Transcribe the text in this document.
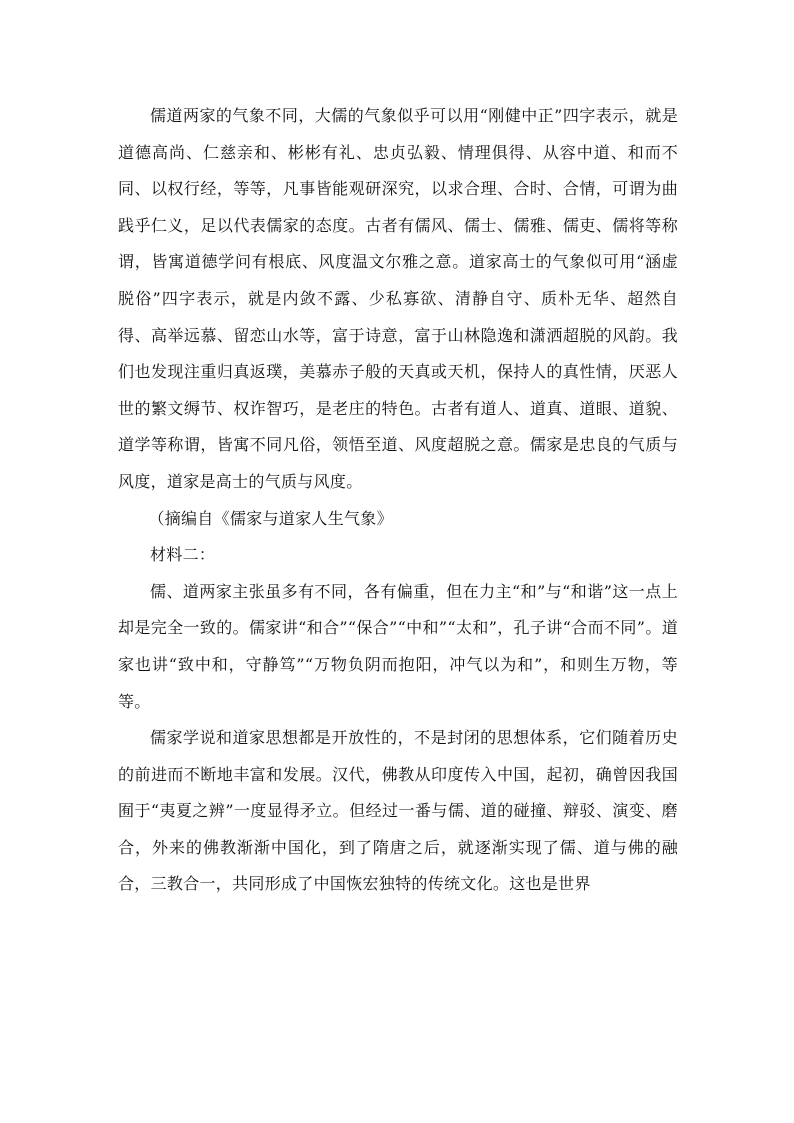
儒道两家的气象不同，大儒的气象似乎可以用“刚健中正”四字表示，就是道德高尚、仁慈亲和、彬彬有礼、忠贞弘毅、情理俱得、从容中道、和而不同、以权行经，等等，凡事皆能观研深究，以求合理、合时、合情，可谓为曲践乎仁义，足以代表儒家的态度。古者有儒风、儒士、儒雅、儒吏、儒将等称谓，皆寓道德学问有根底、风度温文尔雅之意。道家高士的气象似可用“涵虚脱俗”四字表示，就是内敛不露、少私寡欲、清静自守、质朴无华、超然自得、高举远慕、留恋山水等，富于诗意，富于山林隐逸和潇洒超脱的风韵。我们也发现注重归真返璞，美慕赤子般的天真或天机，保持人的真性情，厌恶人世的繁文缛节、权诈智巧，是老庄的特色。古者有道人、道真、道眼、道貌、道学等称谓，皆寓不同凡俗，领悟至道、风度超脱之意。儒家是忠良的气质与风度，道家是高士的气质与风度。

（摘编自《儒家与道家人生气象》

材料二：

儒、道两家主张虽多有不同，各有偏重，但在力主“和”与“和谐”这一点上却是完全一致的。儒家讲“和合”“保合”“中和”“太和”，孔子讲“合而不同”。道家也讲“致中和，守静笃”“万物负阴而抱阳，冲气以为和”，和则生万物，等等。

儒家学说和道家思想都是开放性的，不是封闭的思想体系，它们随着历史的前进而不断地丰富和发展。汉代，佛教从印度传入中国，起初，确曾因我国囿于“夷夏之辨”一度显得矛立。但经过一番与儒、道的碰撞、辩驳、演变、磨合，外来的佛教渐渐中国化，到了隋唐之后，就逐渐实现了儒、道与佛的融合，三教合一，共同形成了中国恢宏独特的传统文化。这也是世界
